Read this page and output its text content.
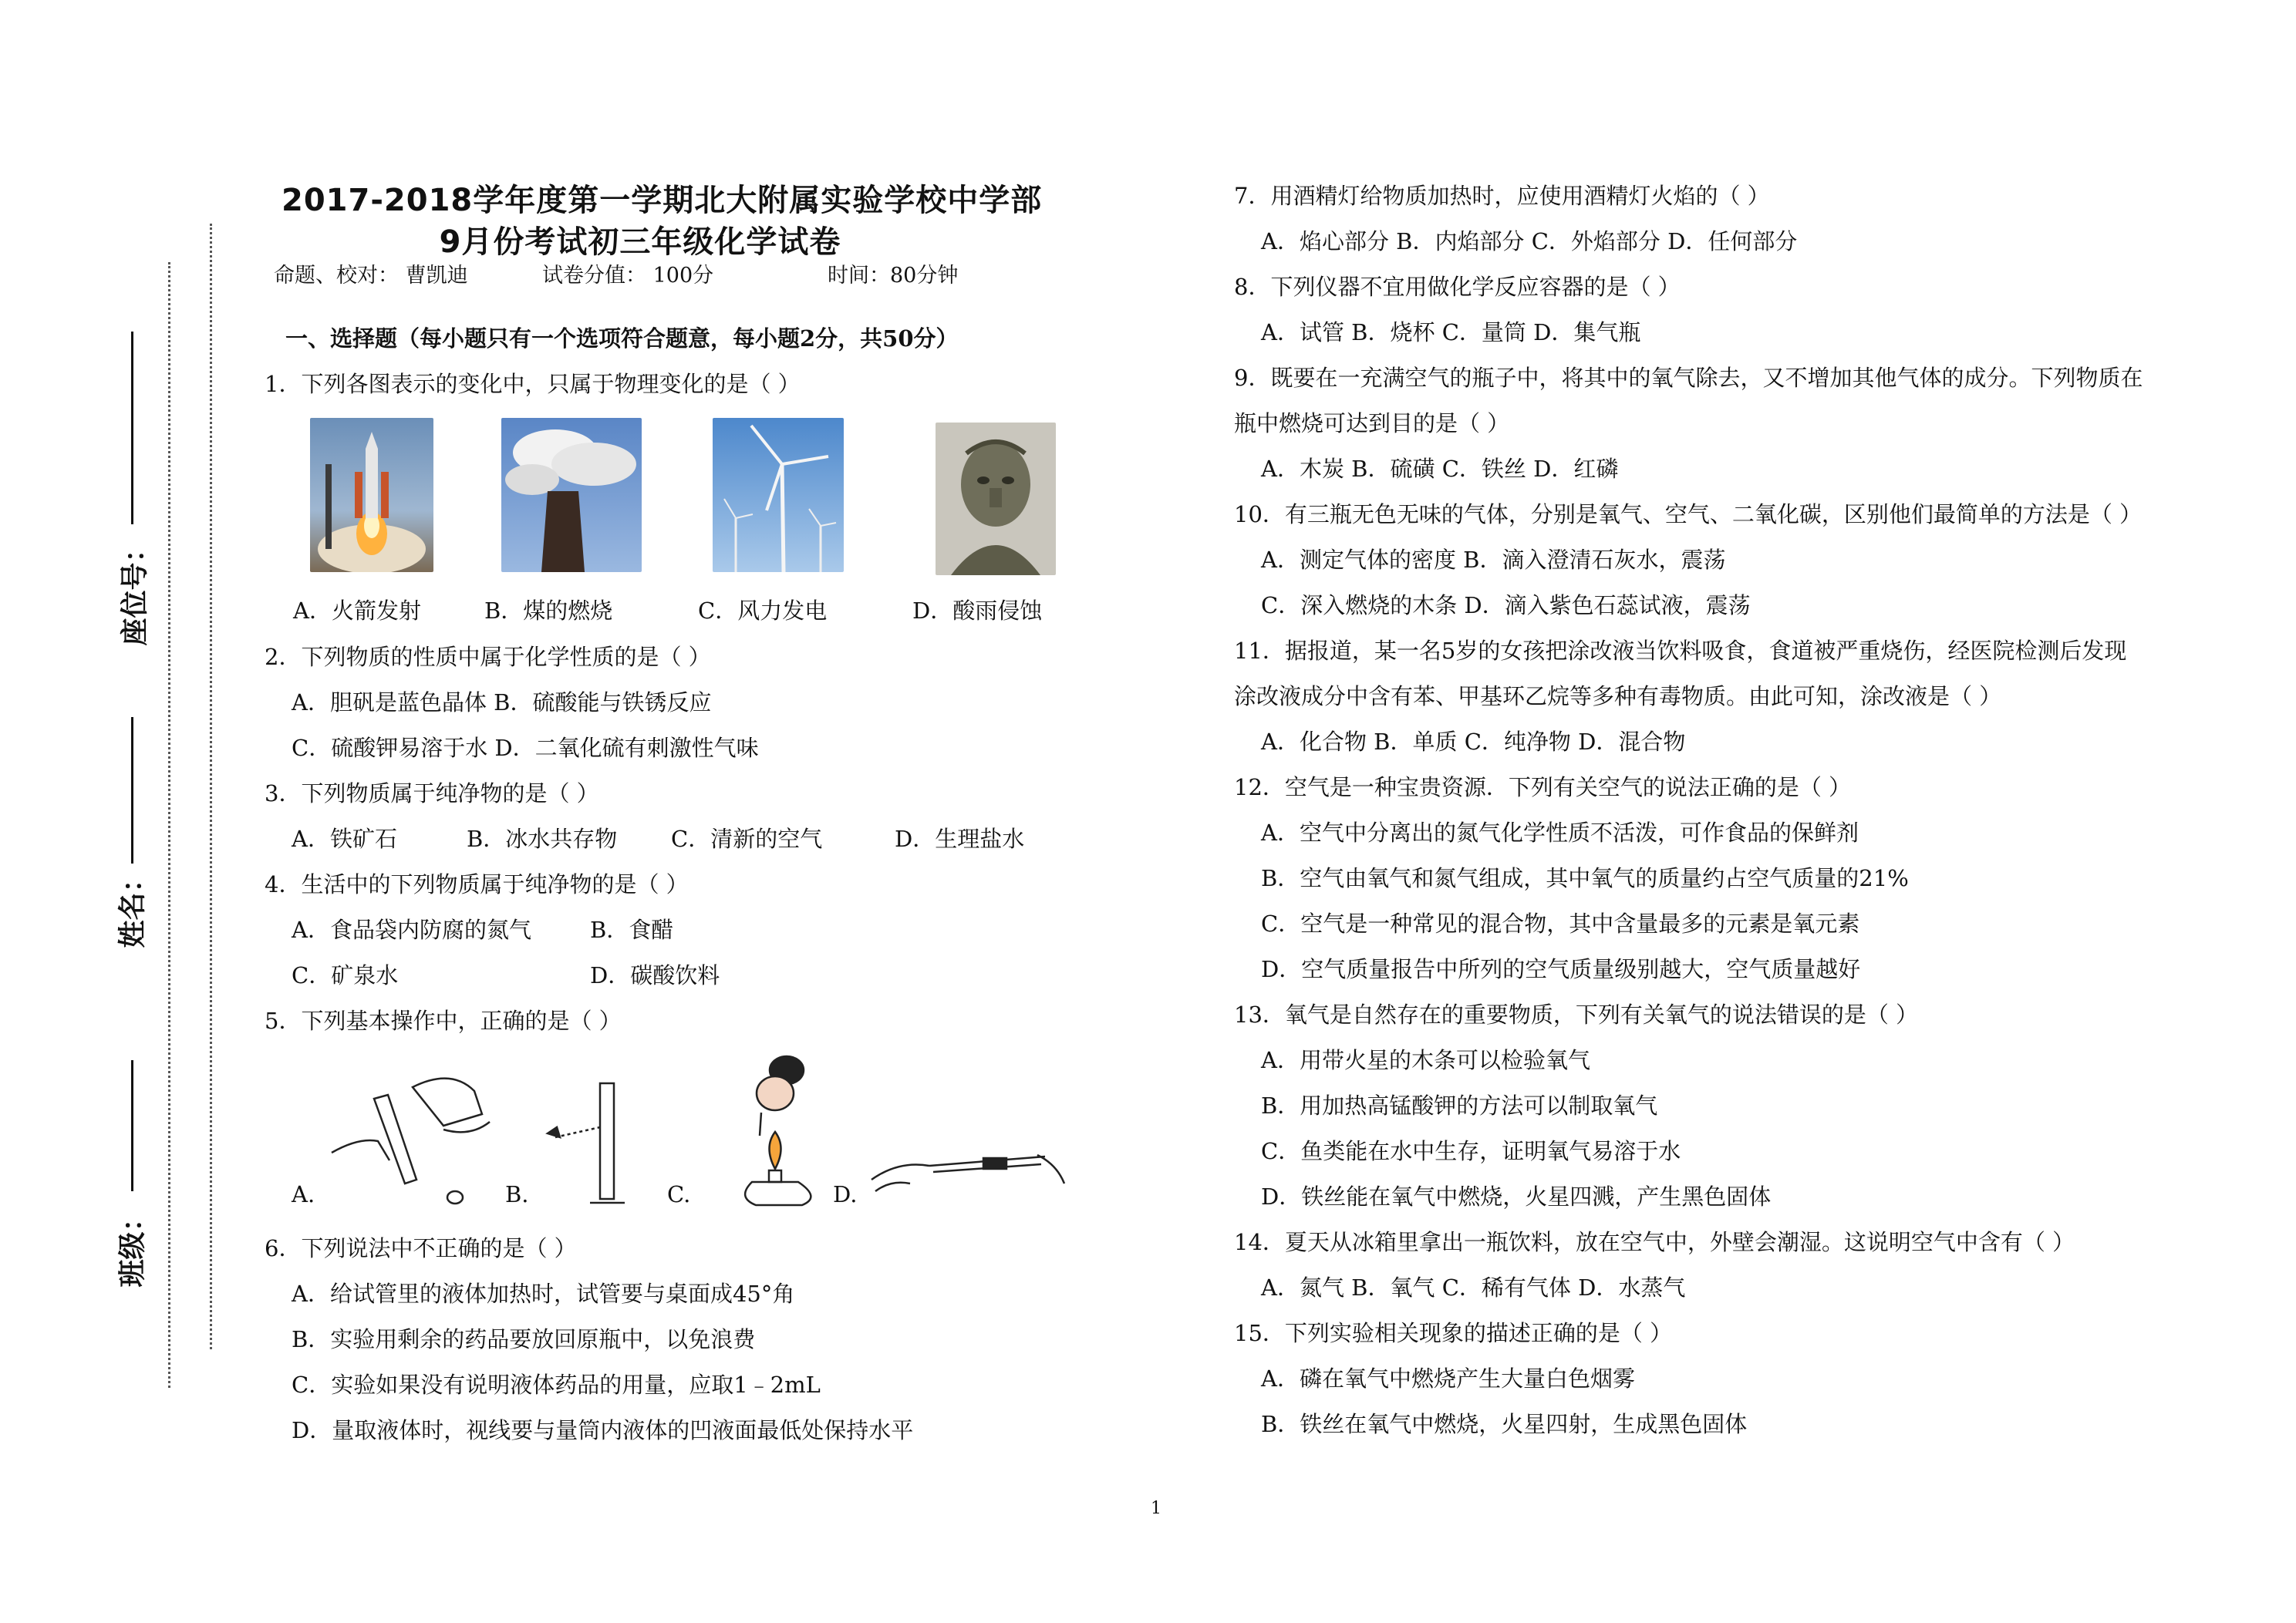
座位号：
姓名：
班级：
2017-2018学年度第一学期北大附属实验学校中学部
9月份考试初三年级化学试卷
命题、校对： 曹凯迪	试卷分值： 100分	时间：80分钟
一、选择题（每小题只有一个选项符合题意，每小题2分，共50分）
1．下列各图表示的变化中，只属于物理变化的是（ ）
A．火箭发射	B．煤的燃烧	C．风力发电	D．酸雨侵蚀
2．下列物质的性质中属于化学性质的是（ ）
A．胆矾是蓝色晶体 B．硫酸能与铁锈反应
C．硫酸钾易溶于水 D．二氧化硫有刺激性气味
3．下列物质属于纯净物的是（ ）
A．铁矿石	B．冰水共存物 C．清新的空气	D．生理盐水
4．生活中的下列物质属于纯净物的是（ ）
A．食品袋内防腐的氮气	B．食醋
C．矿泉水	D．碳酸饮料
5．下列基本操作中，正确的是（ ）
A.	B.	C.	D.
6．下列说法中不正确的是（ ）
A．给试管里的液体加热时，试管要与桌面成45°角
B．实验用剩余的药品要放回原瓶中，以免浪费
C．实验如果没有说明液体药品的用量，应取1﹣2mL
D．量取液体时，视线要与量筒内液体的凹液面最低处保持水平
7．用酒精灯给物质加热时，应使用酒精灯火焰的（ ）
A．焰心部分 B．内焰部分 C．外焰部分 D．任何部分
8．下列仪器不宜用做化学反应容器的是（ ）
A．试管 B．烧杯 C．量筒 D．集气瓶
9．既要在一充满空气的瓶子中，将其中的氧气除去，又不增加其他气体的成分。下列物质在
瓶中燃烧可达到目的是（ ）
A．木炭 B．硫磺 C．铁丝 D．红磷
10．有三瓶无色无味的气体，分别是氧气、空气、二氧化碳，区别他们最简单的方法是（ ）
A．测定气体的密度 B．滴入澄清石灰水，震荡
C．深入燃烧的木条 D．滴入紫色石蕊试液，震荡
11．据报道，某一名5岁的女孩把涂改液当饮料吸食，食道被严重烧伤，经医院检测后发现
涂改液成分中含有苯、甲基环乙烷等多种有毒物质。由此可知，涂改液是（ ）
A．化合物 B．单质 C．纯净物 D．混合物
12．空气是一种宝贵资源．下列有关空气的说法正确的是（ ）
A．空气中分离出的氮气化学性质不活泼，可作食品的保鲜剂
B．空气由氧气和氮气组成，其中氧气的质量约占空气质量的21%
C．空气是一种常见的混合物，其中含量最多的元素是氧元素
D．空气质量报告中所列的空气质量级别越大，空气质量越好
13．氧气是自然存在的重要物质，下列有关氧气的说法错误的是（ ）
A．用带火星的木条可以检验氧气
B．用加热高锰酸钾的方法可以制取氧气
C．鱼类能在水中生存，证明氧气易溶于水
D．铁丝能在氧气中燃烧，火星四溅，产生黑色固体
14．夏天从冰箱里拿出一瓶饮料，放在空气中，外壁会潮湿。这说明空气中含有（ ）
A．氮气 B．氧气 C．稀有气体 D．水蒸气
15．下列实验相关现象的描述正确的是（ ）
A．磷在氧气中燃烧产生大量白色烟雾
B．铁丝在氧气中燃烧，火星四射，生成黑色固体
1
